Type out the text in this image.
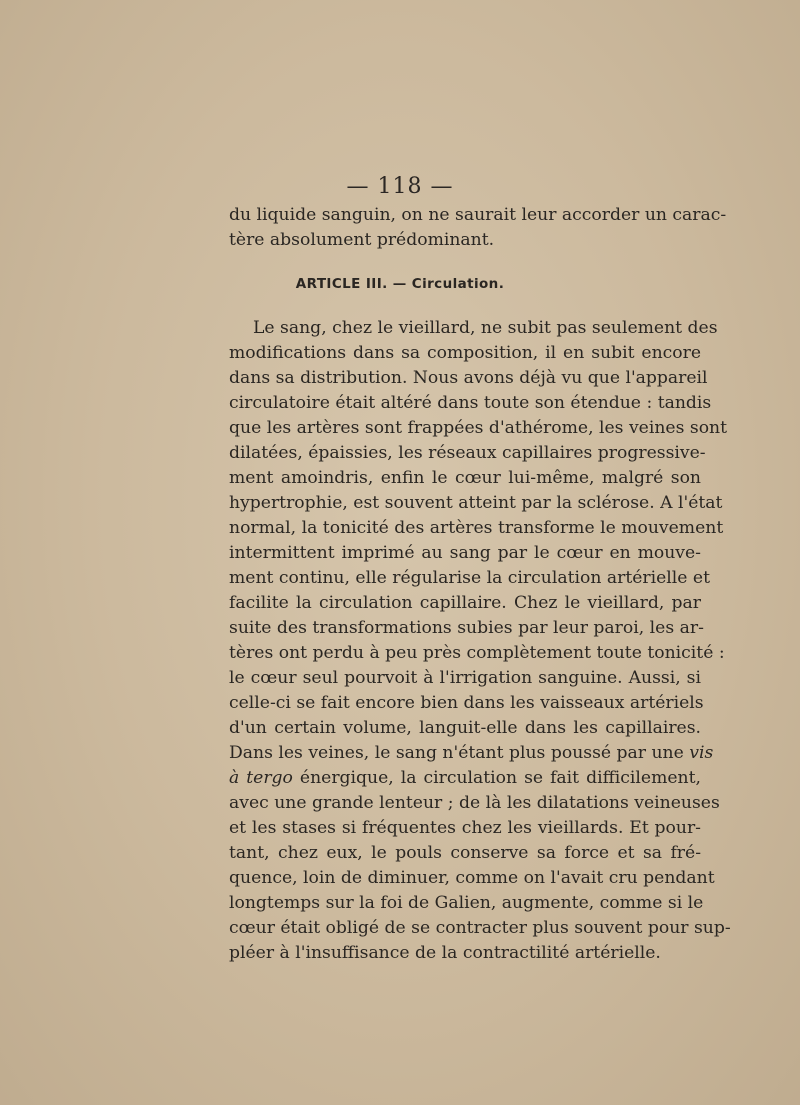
— 118 —
du liquide sanguin, on ne saurait leur accorder un carac-
tère absolument prédominant.
ARTICLE III. — Circulation.
Le sang, chez le vieillard, ne subit pas seulement des
modifications dans sa composition, il en subit encore
dans sa distribution. Nous avons déjà vu que l'appareil
circulatoire était altéré dans toute son étendue : tandis
que les artères sont frappées d'athérome, les veines sont
dilatées, épaissies, les réseaux capillaires progressive-
ment amoindris, enfin le cœur lui-même, malgré son
hypertrophie, est souvent atteint par la sclérose. A l'état
normal, la tonicité des artères transforme le mouvement
intermittent imprimé au sang par le cœur en mouve-
ment continu, elle régularise la circulation artérielle et
facilite la circulation capillaire. Chez le vieillard, par
suite des transformations subies par leur paroi, les ar-
tères ont perdu à peu près complètement toute tonicité :
le cœur seul pourvoit à l'irrigation sanguine. Aussi, si
celle-ci se fait encore bien dans les vaisseaux artériels
d'un certain volume, languit-elle dans les capillaires.
Dans les veines, le sang n'étant plus poussé par une vis
à tergo énergique, la circulation se fait difficilement,
avec une grande lenteur ; de là les dilatations veineuses
et les stases si fréquentes chez les vieillards. Et pour-
tant, chez eux, le pouls conserve sa force et sa fré-
quence, loin de diminuer, comme on l'avait cru pendant
longtemps sur la foi de Galien, augmente, comme si le
cœur était obligé de se contracter plus souvent pour sup-
pléer à l'insuffisance de la contractilité artérielle.
